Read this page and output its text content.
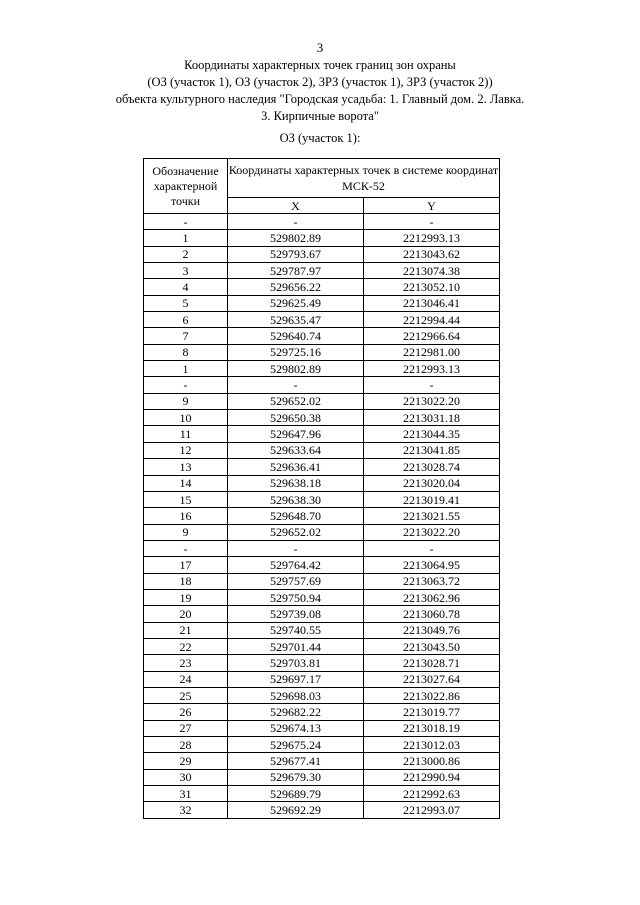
3
Координаты характерных точек границ зон охраны
(ОЗ (участок 1), ОЗ (участок 2), ЗРЗ (участок 1), ЗРЗ (участок 2))
объекта культурного наследия "Городская усадьба: 1. Главный дом. 2. Лавка.
3. Кирпичные ворота"
ОЗ (участок 1):
Обозначение характерной точки	Координаты характерных точек в системе координат МСК-52	
	X	Y
-	-	-
1	529802.89	2212993.13
2	529793.67	2213043.62
3	529787.97	2213074.38
4	529656.22	2213052.10
5	529625.49	2213046.41
6	529635.47	2212994.44
7	529640.74	2212966.64
8	529725.16	2212981.00
1	529802.89	2212993.13
-	-	-
9	529652.02	2213022.20
10	529650.38	2213031.18
11	529647.96	2213044.35
12	529633.64	2213041.85
13	529636.41	2213028.74
14	529638.18	2213020.04
15	529638.30	2213019.41
16	529648.70	2213021.55
9	529652.02	2213022.20
-	-	-
17	529764.42	2213064.95
18	529757.69	2213063.72
19	529750.94	2213062.96
20	529739.08	2213060.78
21	529740.55	2213049.76
22	529701.44	2213043.50
23	529703.81	2213028.71
24	529697.17	2213027.64
25	529698.03	2213022.86
26	529682.22	2213019.77
27	529674.13	2213018.19
28	529675.24	2213012.03
29	529677.41	2213000.86
30	529679.30	2212990.94
31	529689.79	2212992.63
32	529692.29	2212993.07
